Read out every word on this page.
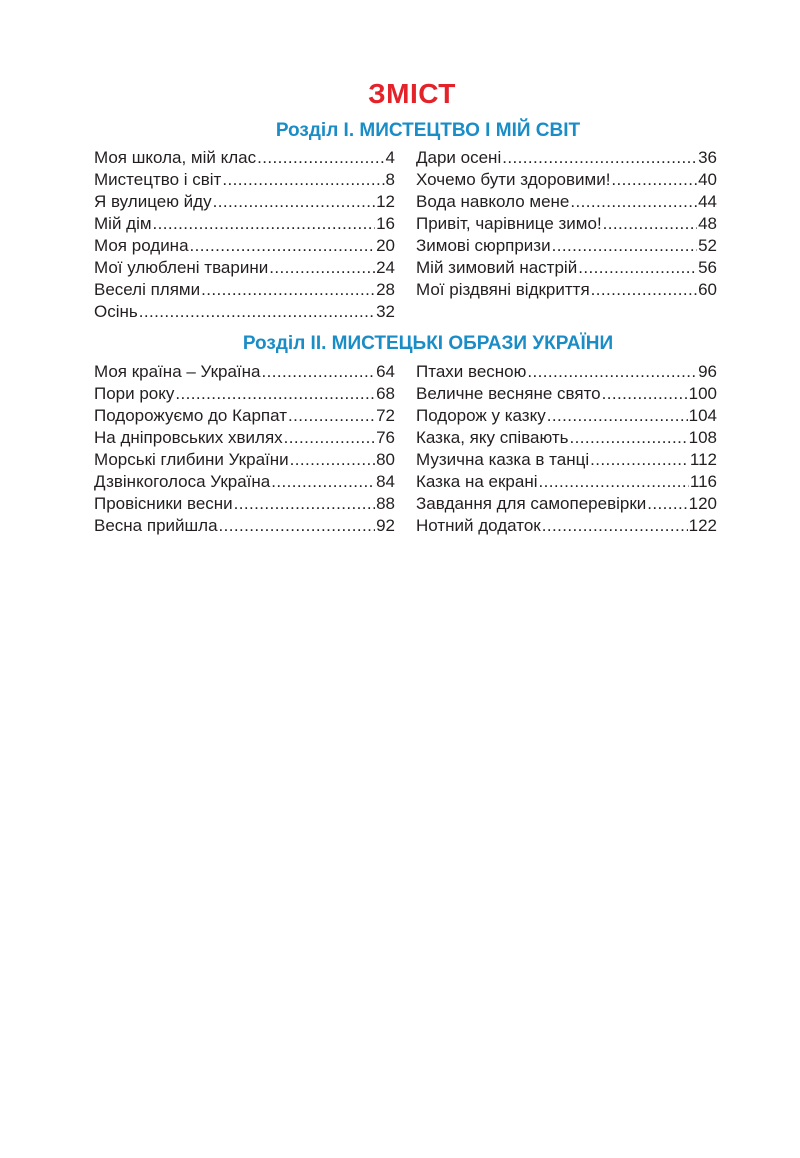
ЗМІСТ
Розділ І. МИСТЕЦТВО І МІЙ СВІТ
Моя школа, мій клас .....	4
Мистецтво і світ .....	8
Я вулицею йду .....	12
Мій дім .....	16
Моя родина .....	20
Мої улюблені тварини .....	24
Веселі плями .....	28
Осінь .....	32
Дари осені .....	36
Хочемо бути здоровими! .....	40
Вода навколо мене .....	44
Привіт, чарівнице зимо! .....	48
Зимові сюрпризи .....	52
Мій зимовий настрій .....	56
Мої різдвяні відкриття .....	60
Розділ ІІ. МИСТЕЦЬКІ ОБРАЗИ УКРАЇНИ
Моя країна – Україна .....	64
Пори року .....	68
Подорожуємо до Карпат .....	72
На дніпровських хвилях .....	76
Морські глибини України .....	80
Дзвінкоголоса Україна .....	84
Провісники весни .....	88
Весна прийшла .....	92
Птахи весною .....	96
Величне весняне свято .....	100
Подорож у казку .....	104
Казка, яку співають .....	108
Музична казка в танці .....	112
Казка на екрані .....	116
Завдання для самоперевірки ..... 120
Нотний додаток .....	122
